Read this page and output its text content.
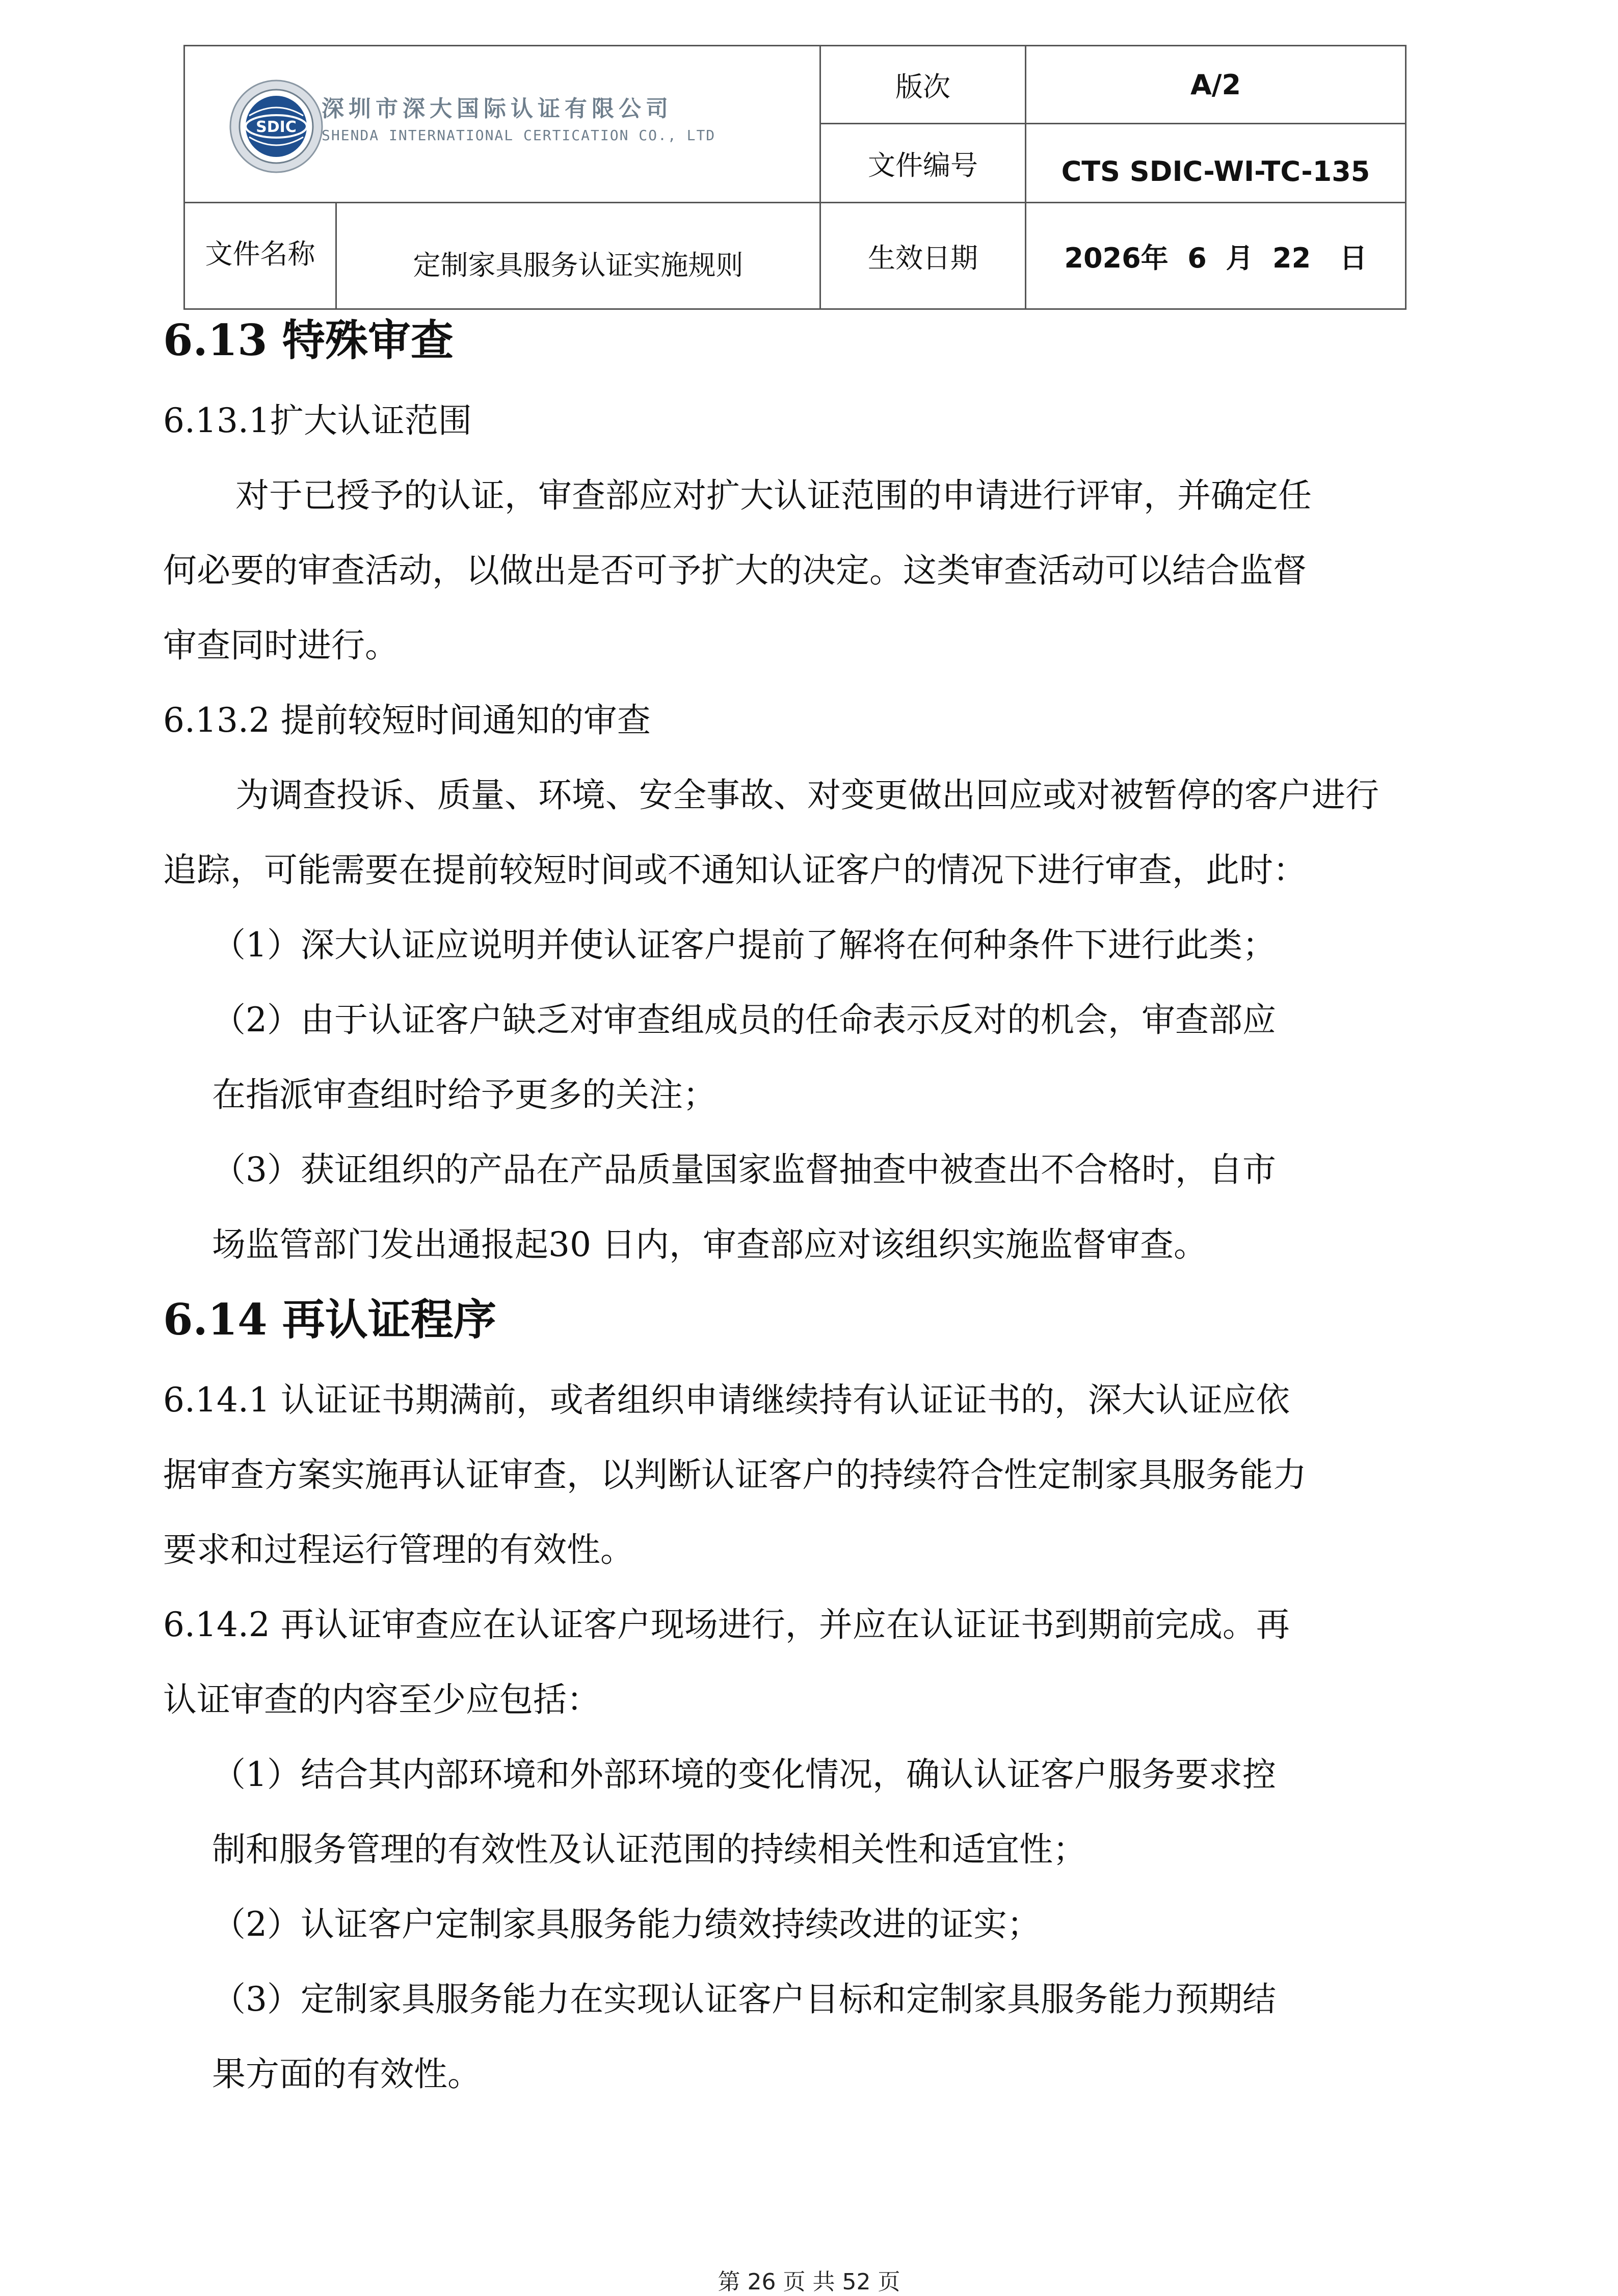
SDIC
深圳市深大国际认证有限公司
SHENDA INTERNATIONAL CERTICATION CO., LTD
版次	A/2
文件编号	CTS SDIC-WI-TC-135
文件名称	定制家具服务认证实施规则	生效日期	2026年  6  月  22   日
6.13 特殊审查
6.13.1扩大认证范围
对于已授予的认证，审查部应对扩大认证范围的申请进行评审，并确定任
何必要的审查活动，以做出是否可予扩大的决定。这类审查活动可以结合监督
审查同时进行。
6.13.2 提前较短时间通知的审查
为调查投诉、质量、环境、安全事故、对变更做出回应或对被暂停的客户进行
追踪，可能需要在提前较短时间或不通知认证客户的情况下进行审查，此时：
（1）深大认证应说明并使认证客户提前了解将在何种条件下进行此类；
（2）由于认证客户缺乏对审查组成员的任命表示反对的机会，审查部应
在指派审查组时给予更多的关注；
（3）获证组织的产品在产品质量国家监督抽查中被查出不合格时，自市
场监管部门发出通报起30 日内，审查部应对该组织实施监督审查。
6.14 再认证程序
6.14.1 认证证书期满前，或者组织申请继续持有认证证书的，深大认证应依
据审查方案实施再认证审查，以判断认证客户的持续符合性定制家具服务能力
要求和过程运行管理的有效性。
6.14.2 再认证审查应在认证客户现场进行，并应在认证证书到期前完成。再
认证审查的内容至少应包括：
（1）结合其内部环境和外部环境的变化情况，确认认证客户服务要求控
制和服务管理的有效性及认证范围的持续相关性和适宜性；
（2）认证客户定制家具服务能力绩效持续改进的证实；
（3）定制家具服务能力在实现认证客户目标和定制家具服务能力预期结
果方面的有效性。
第 26 页 共 52 页
